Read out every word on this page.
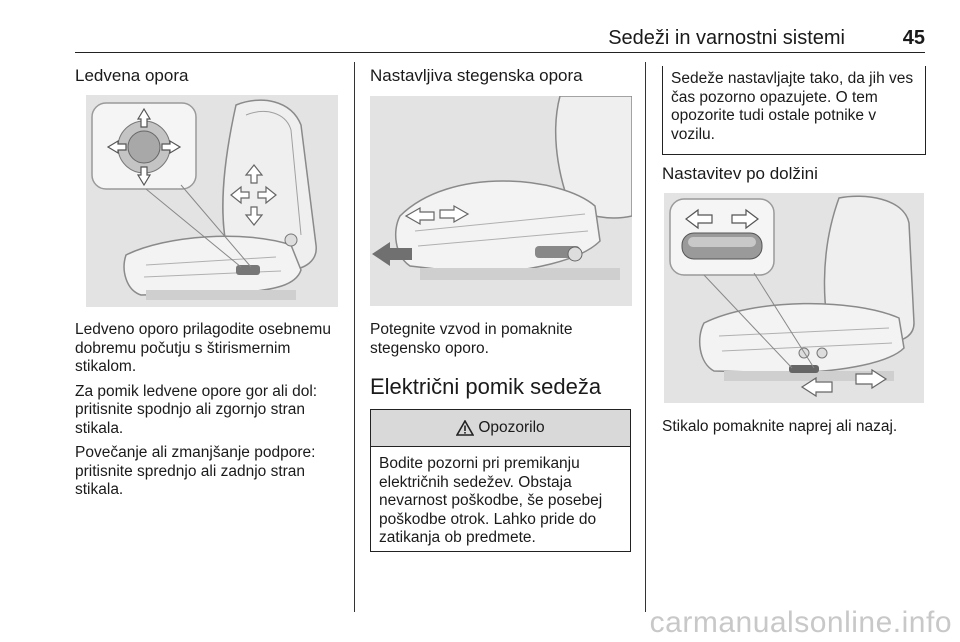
Sedeži in varnostni sistemi	45
Ledvena opora

Ledveno oporo prilagodite osebnemu dobremu počutju s štirismernim stikalom.

Za pomik ledvene opore gor ali dol: pritisnite spodnjo ali zgornjo stran stikala.

Povečanje ali zmanjšanje podpore: pritisnite sprednjo ali zadnjo stran stikala.

Nastavljiva stegenska opora

Potegnite vzvod in pomaknite stegensko oporo.

Električni pomik sedeža
Opozorilo
Bodite pozorni pri premikanju električnih sedežev. Obstaja nevarnost poškodbe, še posebej poškodbe otrok. Lahko pride do zatikanja ob predmete.
Sedeže nastavljajte tako, da jih ves čas pozorno opazujete. O tem opozorite tudi ostale potnike v vozilu.
Nastavitev po dolžini

Stikalo pomaknite naprej ali nazaj.

carmanualsonline.info
